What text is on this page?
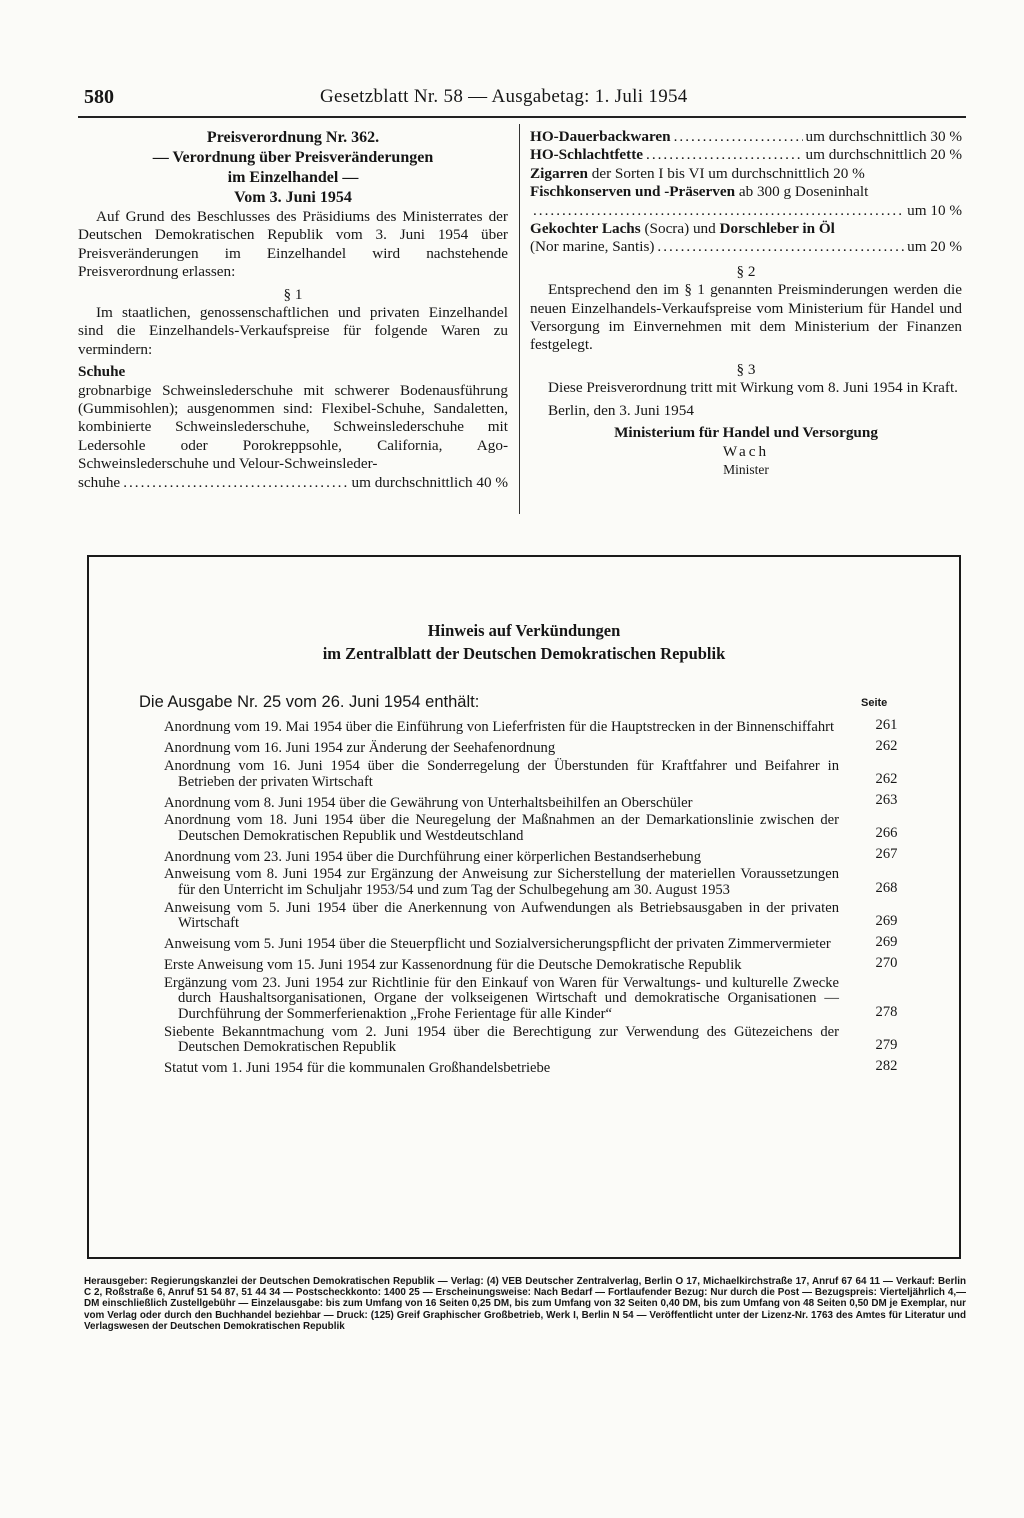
580	Gesetzblatt Nr. 58 — Ausgabetag: 1. Juli 1954
Preisverordnung Nr. 362.
— Verordnung über Preisveränderungen
im Einzelhandel —
Vom 3. Juni 1954
Auf Grund des Beschlusses des Präsidiums des Ministerrates der Deutschen Demokratischen Republik vom 3. Juni 1954 über Preisveränderungen im Einzelhandel wird nachstehende Preisverordnung erlassen:
§ 1
Im staatlichen, genossenschaftlichen und privaten Einzelhandel sind die Einzelhandels-Verkaufspreise für folgende Waren zu vermindern:
Schuhe
grobnarbige Schweinslederschuhe mit schwerer Bodenausführung (Gummisohlen); ausgenommen sind: Flexibel-Schuhe, Sandaletten, kombinierte Schweinslederschuhe, Schweinslederschuhe mit Ledersohle oder Porokreppsohle, California, Ago-Schweinslederschuhe und Velour-Schweinsleder-
schuhe .....	um durchschnittlich 40 %
HO-Dauerbackwaren .....	um durchschnittlich 30 %
HO-Schlachtfette .....	um durchschnittlich 20 %
Zigarren der Sorten I bis VI um durchschnittlich 20 %
Fischkonserven und -Präserven ab 300 g Doseninhalt
.....
um 10 %
Gekochter Lachs (Socra) und Dorschleber in Öl
(Nor marine, Santis) .....	um 20 %
§ 2
Entsprechend den im § 1 genannten Preisminderungen werden die neuen Einzelhandels-Verkaufspreise vom Ministerium für Handel und Versorgung im Einvernehmen mit dem Ministerium der Finanzen festgelegt.
§ 3
Diese Preisverordnung tritt mit Wirkung vom 8. Juni 1954 in Kraft.
Berlin, den 3. Juni 1954
Ministerium für Handel und Versorgung
Wach
Minister
Hinweis auf Verkündungen
im Zentralblatt der Deutschen Demokratischen Republik
Die Ausgabe Nr. 25 vom 26. Juni 1954 enthält:	Seite
Anordnung vom 19. Mai 1954 über die Einführung von Lieferfristen für die Hauptstrecken in der Binnenschiffahrt	261
Anordnung vom 16. Juni 1954 zur Änderung der Seehafenordnung	262
Anordnung vom 16. Juni 1954 über die Sonderregelung der Überstunden für Kraftfahrer und Beifahrer in Betrieben der privaten Wirtschaft	262
Anordnung vom 8. Juni 1954 über die Gewährung von Unterhaltsbeihilfen an Oberschüler	263
Anordnung vom 18. Juni 1954 über die Neuregelung der Maßnahmen an der Demarkationslinie zwischen der Deutschen Demokratischen Republik und Westdeutschland	266
Anordnung vom 23. Juni 1954 über die Durchführung einer körperlichen Bestandserhebung	267
Anweisung vom 8. Juni 1954 zur Ergänzung der Anweisung zur Sicherstellung der materiellen Voraussetzungen für den Unterricht im Schuljahr 1953/54 und zum Tag der Schulbegehung am 30. August 1953	268
Anweisung vom 5. Juni 1954 über die Anerkennung von Aufwendungen als Betriebsausgaben in der privaten Wirtschaft	269
Anweisung vom 5. Juni 1954 über die Steuerpflicht und Sozialversicherungspflicht der privaten Zimmervermieter	269
Erste Anweisung vom 15. Juni 1954 zur Kassenordnung für die Deutsche Demokratische Republik	270
Ergänzung vom 23. Juni 1954 zur Richtlinie für den Einkauf von Waren für Verwaltungs- und kulturelle Zwecke durch Haushaltsorganisationen, Organe der volkseigenen Wirtschaft und demokratische Organisationen — Durchführung der Sommerferienaktion „Frohe Ferientage für alle Kinder“	278
Siebente Bekanntmachung vom 2. Juni 1954 über die Berechtigung zur Verwendung des Gütezeichens der Deutschen Demokratischen Republik	279
Statut vom 1. Juni 1954 für die kommunalen Großhandelsbetriebe	282
Herausgeber: Regierungskanzlei der Deutschen Demokratischen Republik — Verlag: (4) VEB Deutscher Zentralverlag, Berlin O 17, Michaelkirchstraße 17, Anruf 67 64 11 — Verkauf: Berlin C 2, Roßstraße 6, Anruf 51 54 87, 51 44 34 — Postscheckkonto: 1400 25 — Erscheinungsweise: Nach Bedarf — Fortlaufender Bezug: Nur durch die Post — Bezugspreis: Vierteljährlich 4,— DM einschließlich Zustellgebühr — Einzelausgabe: bis zum Umfang von 16 Seiten 0,25 DM, bis zum Umfang von 32 Seiten 0,40 DM, bis zum Umfang von 48 Seiten 0,50 DM je Exemplar, nur vom Verlag oder durch den Buchhandel beziehbar — Druck: (125) Greif Graphischer Großbetrieb, Werk I, Berlin N 54 — Veröffentlicht unter der Lizenz-Nr. 1763 des Amtes für Literatur und Verlagswesen der Deutschen Demokratischen Republik
